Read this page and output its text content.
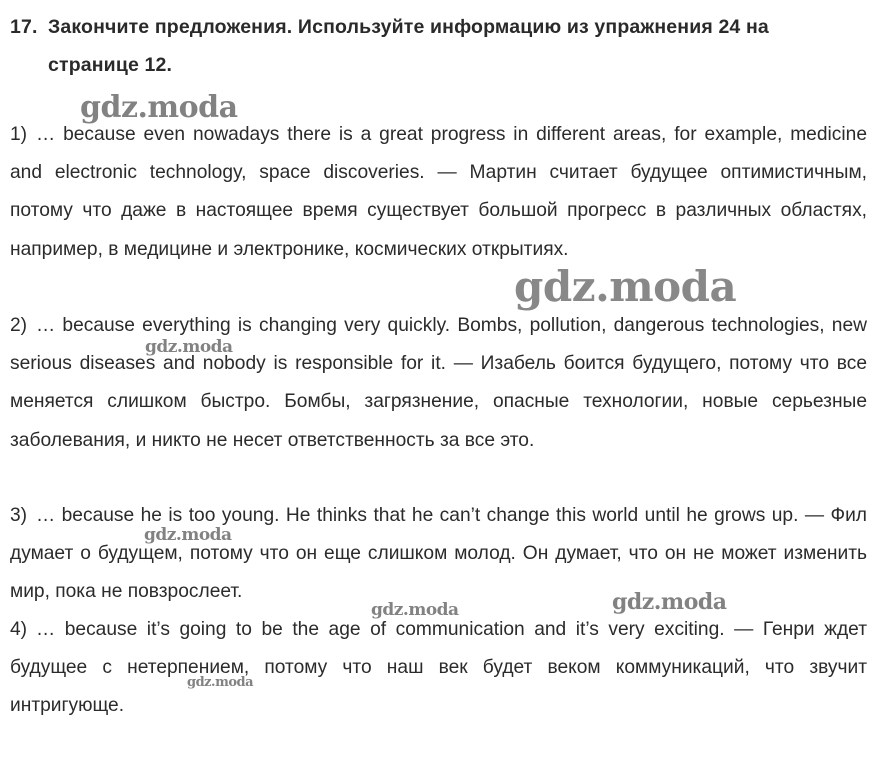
17. Закончите предложения. Используйте информацию из упражнения 24 на
странице 12.
1) … because even nowadays there is a great progress in different areas, for example, medicine and electronic technology, space discoveries. — Мартин считает будущее оптимистичным, потому что даже в настоящее время существует большой прогресс в различных областях, например, в медицине и электронике, космических открытиях.
2) … because everything is changing very quickly. Bombs, pollution, dangerous technologies, new serious diseases and nobody is responsible for it. — Изабель боится будущего, потому что все меняется слишком быстро. Бомбы, загрязнение, опасные технологии, новые серьезные заболевания, и никто не несет ответственность за все это.
3) … because he is too young. He thinks that he can’t change this world until he grows up. — Фил думает о будущем, потому что он еще слишком молод. Он думает, что он не может изменить мир, пока не повзрослеет.
4) … because it’s going to be the age of communication and it’s very exciting. — Генри ждет будущее с нетерпением, потому что наш век будет веком коммуникаций, что звучит интригующе.
gdz.moda
gdz.moda
gdz.moda
gdz.moda
gdz.moda	gdz.moda
gdz.moda
